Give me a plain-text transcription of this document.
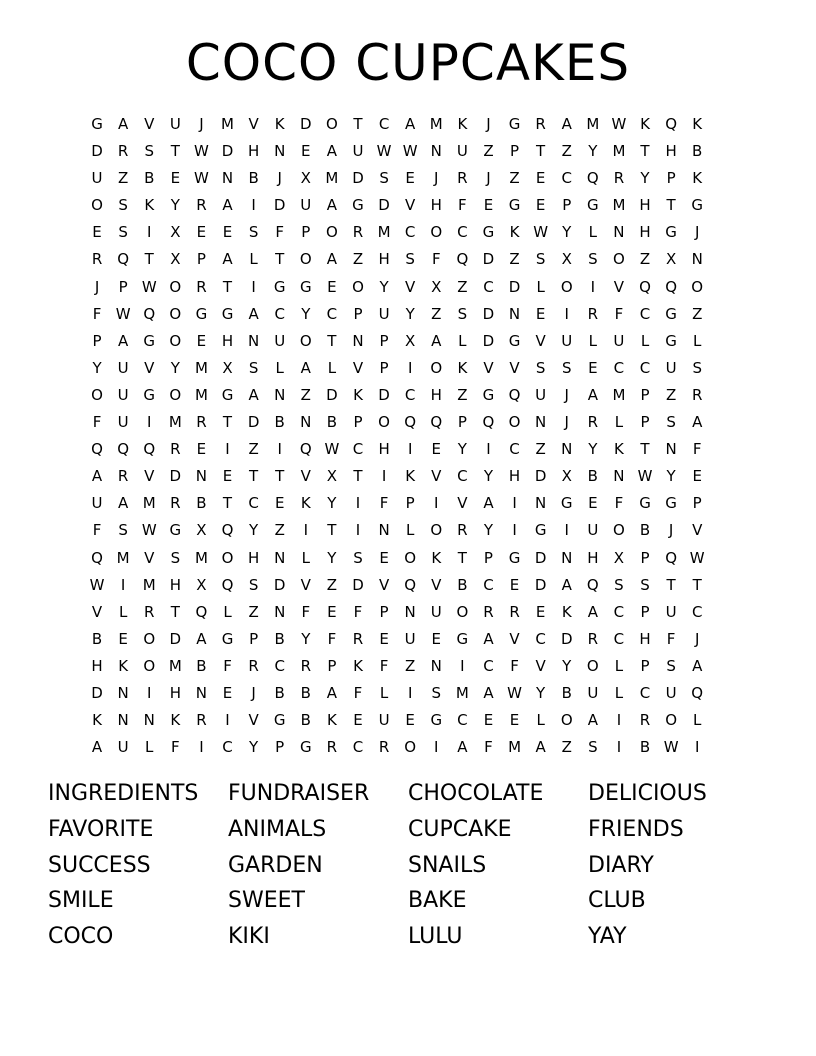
COCO CUPCAKES
G	A	V	U	J	M V	K	D O	T	C	A M K	J	G	R	A M W K	Q	K
D	R	S	T W D H N	E	A	U W W N U	Z	P	T	Z	Y	M	T	H	B
U	Z	B	E W N	B	J	X M D	S	E	J	R	J	Z	E	C Q R	Y	P	K
O	S	K	Y	R	A	I	D U	A	G D	V	H	F	E	G	E	P	G M H	T	G
E	S	I	X	E	E	S	F	P	O R M C O C	G	K W Y	L	N H G	J
R Q	T	X	P	A	L	T	O	A	Z	H	S	F	Q D	Z	S	X	S	O	Z	X	N
J	P W O R	T	I	G G	E	O	Y	V	X	Z	C	D	L	O	I	V	Q Q O
F W Q O G G	A	C	Y	C	P	U	Y	Z	S	D N	E	I	R	F	C	G	Z
P	A	G O	E	H N U O	T	N	P	X	A	L	D G	V	U	L	U	L	G	L
Y	U	V	Y	M X	S	L	A	L	V	P	I	O	K	V	V	S	S	E	C	C	U	S
O U G O M G	A	N	Z	D	K	D	C	H	Z	G Q U	J	A M	P	Z	R
F	U	I	M R	T	D	B	N	B	P	O Q Q	P	Q O N	J	R	L	P	S	A
Q Q Q R	E	I	Z	I	Q W C	H	I	E	Y	I	C	Z	N	Y	K	T	N	F
A	R	V	D N	E	T	T	V	X	T	I	K	V	C	Y	H D	X	B	N W Y	E
U	A M R	B	T	C	E	K	Y	I	F	P	I	V	A	I	N G	E	F	G G	P
F	S W G	X	Q	Y	Z	I	T	I	N	L	O R	Y	I	G	I	U O	B	J	V
Q M V	S M O H N	L	Y	S	E	O	K	T	P	G D N H	X	P	Q W
W	I	M H	X	Q	S	D	V	Z	D	V	Q	V	B	C	E	D	A	Q	S	S	T	T
V	L	R	T	Q	L	Z	N	F	E	F	P	N U O R	R	E	K	A	C	P	U	C
B	E	O D	A	G	P	B	Y	F	R	E	U	E	G	A	V	C	D	R	C	H	F	J
H	K	O M B	F	R	C	R	P	K	F	Z	N	I	C	F	V	Y	O	L	P	S	A
D N	I	H N	E	J	B	B	A	F	L	I	S M A W Y	B	U	L	C	U Q
K	N N	K	R	I	V	G	B	K	E	U	E	G	C	E	E	L	O	A	I	R O	L
A	U	L	F	I	C	Y	P	G	R	C	R O	I	A	F	M A	Z	S	I	B W	I
INGREDIENTS	FUNDRAISER	CHOCOLATE	DELICIOUS
FAVORITE	ANIMALS	CUPCAKE	FRIENDS
SUCCESS	GARDEN	SNAILS	DIARY
SMILE	SWEET	BAKE	CLUB
COCO	KIKI	LULU	YAY
